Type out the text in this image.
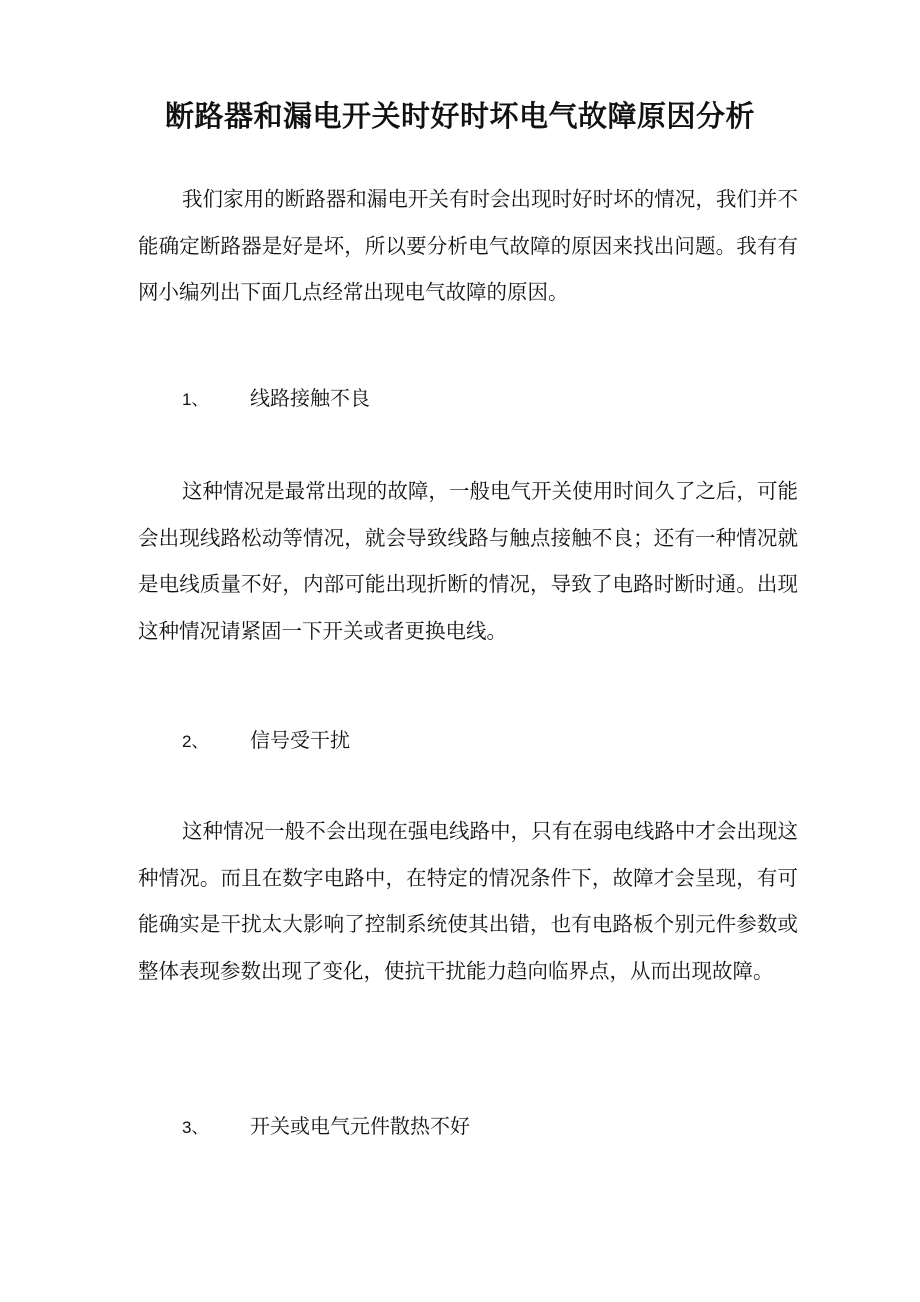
断路器和漏电开关时好时坏电气故障原因分析
我们家用的断路器和漏电开关有时会出现时好时坏的情况，我们并不能确定断路器是好是坏，所以要分析电气故障的原因来找出问题。我有有网小编列出下面几点经常出现电气故障的原因。
1、 线路接触不良
这种情况是最常出现的故障，一般电气开关使用时间久了之后，可能会出现线路松动等情况，就会导致线路与触点接触不良；还有一种情况就是电线质量不好，内部可能出现折断的情况，导致了电路时断时通。出现这种情况请紧固一下开关或者更换电线。
2、 信号受干扰
这种情况一般不会出现在强电线路中，只有在弱电线路中才会出现这种情况。而且在数字电路中，在特定的情况条件下，故障才会呈现，有可能确实是干扰太大影响了控制系统使其出错，也有电路板个别元件参数或整体表现参数出现了变化，使抗干扰能力趋向临界点，从而出现故障。
3、 开关或电气元件散热不好
